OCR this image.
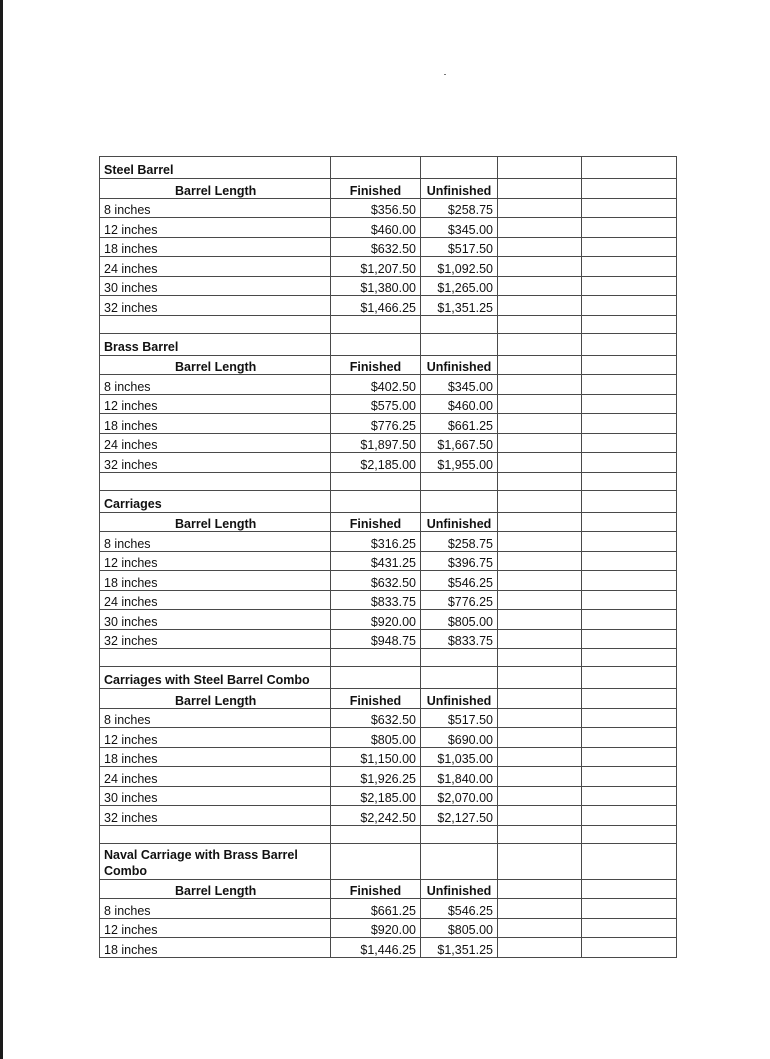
Steel Barrel				
Barrel Length	Finished	Unfinished		
8 inches	$356.50	$258.75		
12 inches	$460.00	$345.00		
18 inches	$632.50	$517.50		
24 inches	$1,207.50	$1,092.50		
30 inches	$1,380.00	$1,265.00		
32 inches	$1,466.25	$1,351.25		

Brass Barrel				
Barrel Length	Finished	Unfinished		
8 inches	$402.50	$345.00		
12 inches	$575.00	$460.00		
18 inches	$776.25	$661.25		
24 inches	$1,897.50	$1,667.50		
32 inches	$2,185.00	$1,955.00		

Carriages				
Barrel Length	Finished	Unfinished		
8 inches	$316.25	$258.75		
12 inches	$431.25	$396.75		
18 inches	$632.50	$546.25		
24 inches	$833.75	$776.25		
30 inches	$920.00	$805.00		
32 inches	$948.75	$833.75		

Carriages with Steel Barrel Combo				
Barrel Length	Finished	Unfinished		
8 inches	$632.50	$517.50		
12 inches	$805.00	$690.00		
18 inches	$1,150.00	$1,035.00		
24 inches	$1,926.25	$1,840.00		
30 inches	$2,185.00	$2,070.00		
32 inches	$2,242.50	$2,127.50		

Naval Carriage with Brass Barrel Combo				
Barrel Length	Finished	Unfinished		
8 inches	$661.25	$546.25		
12 inches	$920.00	$805.00		
18 inches	$1,446.25	$1,351.25		
